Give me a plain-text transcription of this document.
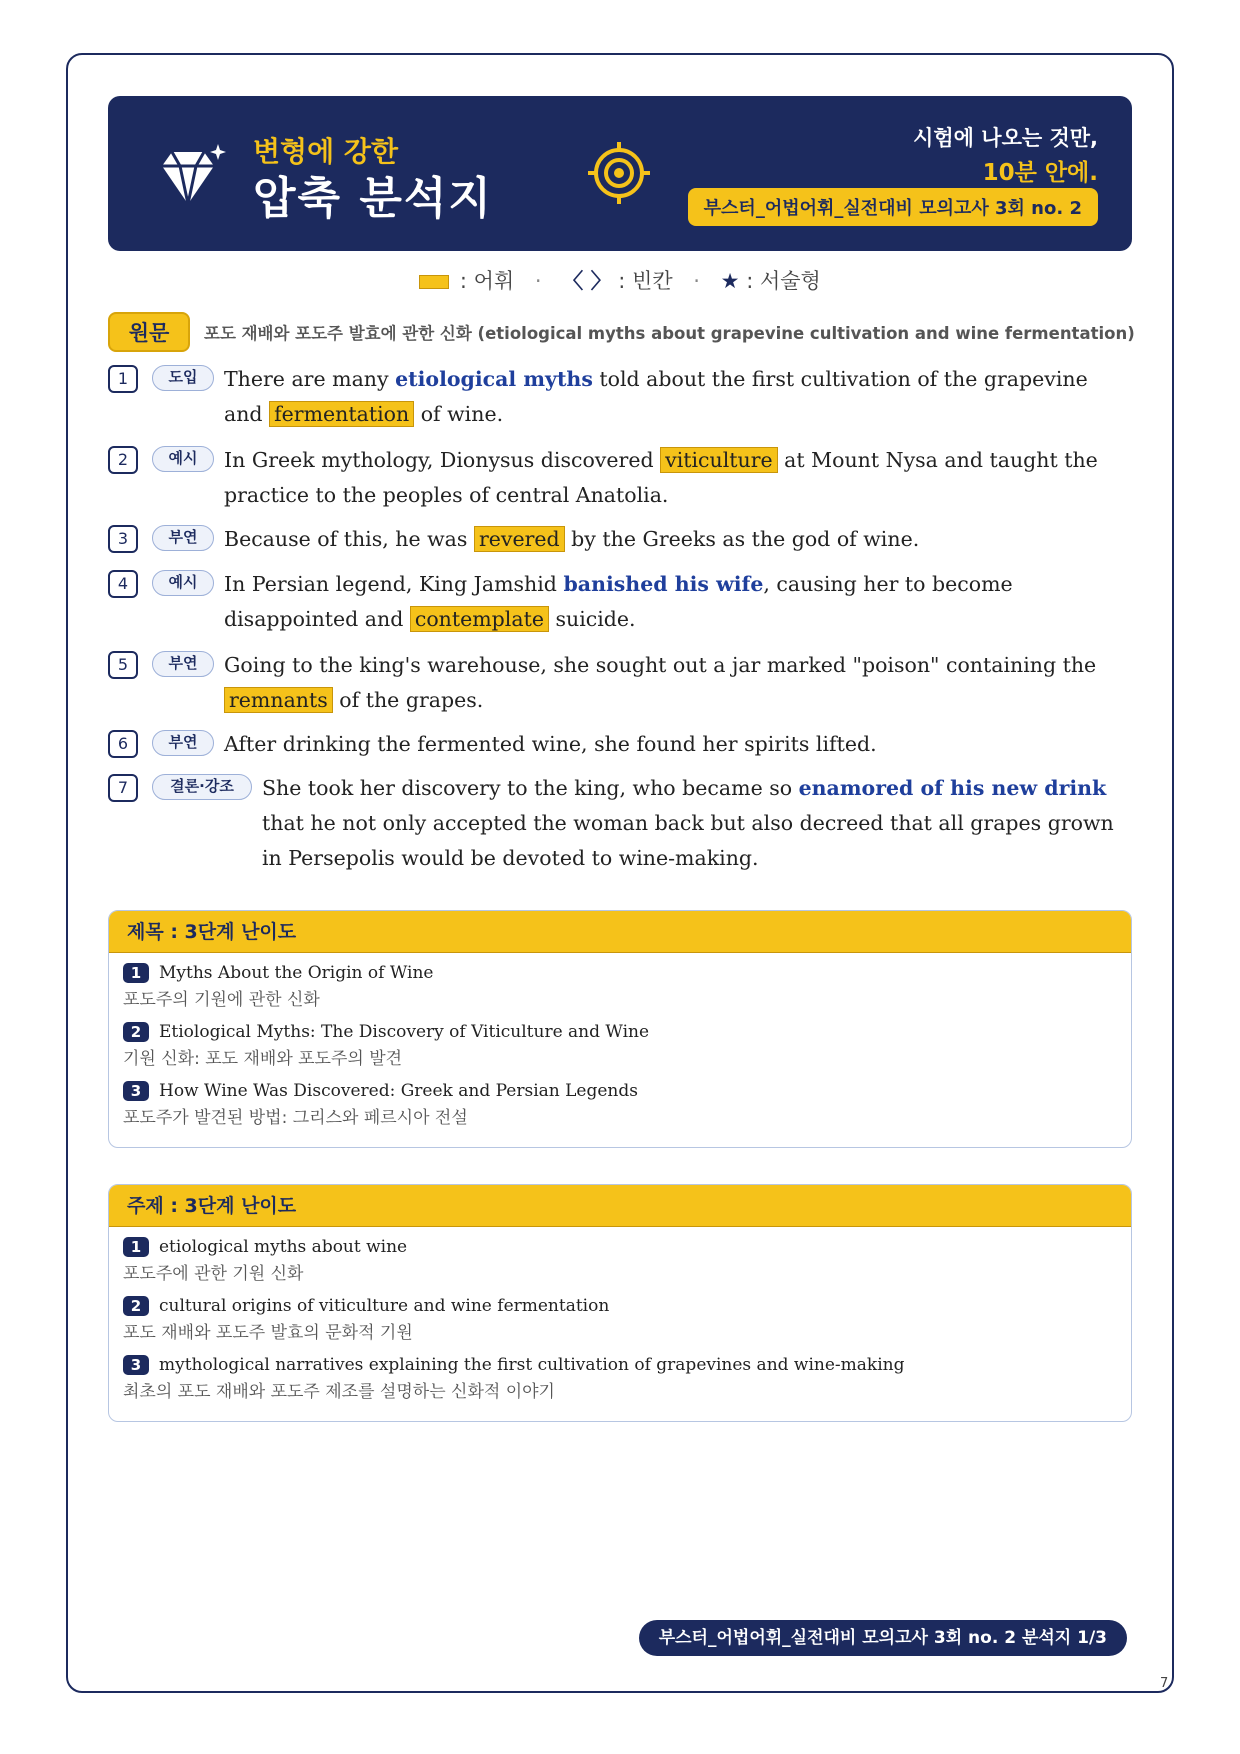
변형에 강한
압축 분석지
시험에 나오는 것만,
10분 안에.
부스터_어법어휘_실전대비 모의고사 3회 no. 2
: 어휘 · 〈 〉 : 빈칸 · ★ : 서술형
원문	포도 재배와 포도주 발효에 관한 신화 (etiological myths about grapevine cultivation and wine fermentation)
1	도입	There are many etiological myths told about the first cultivation of the grapevine and fermentation of wine.
2	예시	In Greek mythology, Dionysus discovered viticulture at Mount Nysa and taught the practice to the peoples of central Anatolia.
3	부연	Because of this, he was revered by the Greeks as the god of wine.
4	예시	In Persian legend, King Jamshid banished his wife, causing her to become disappointed and contemplate suicide.
5	부연	Going to the king's warehouse, she sought out a jar marked "poison" containing the remnants of the grapes.
6	부연	After drinking the fermented wine, she found her spirits lifted.
7	결론·강조	She took her discovery to the king, who became so enamored of his new drink that he not only accepted the woman back but also decreed that all grapes grown in Persepolis would be devoted to wine-making.
제목 : 3단계 난이도
1	Myths About the Origin of Wine
포도주의 기원에 관한 신화
2	Etiological Myths: The Discovery of Viticulture and Wine
기원 신화: 포도 재배와 포도주의 발견
3	How Wine Was Discovered: Greek and Persian Legends
포도주가 발견된 방법: 그리스와 페르시아 전설
주제 : 3단계 난이도
1	etiological myths about wine
포도주에 관한 기원 신화
2	cultural origins of viticulture and wine fermentation
포도 재배와 포도주 발효의 문화적 기원
3	mythological narratives explaining the first cultivation of grapevines and wine-making
최초의 포도 재배와 포도주 제조를 설명하는 신화적 이야기
부스터_어법어휘_실전대비 모의고사 3회 no. 2 분석지 1/3
7
